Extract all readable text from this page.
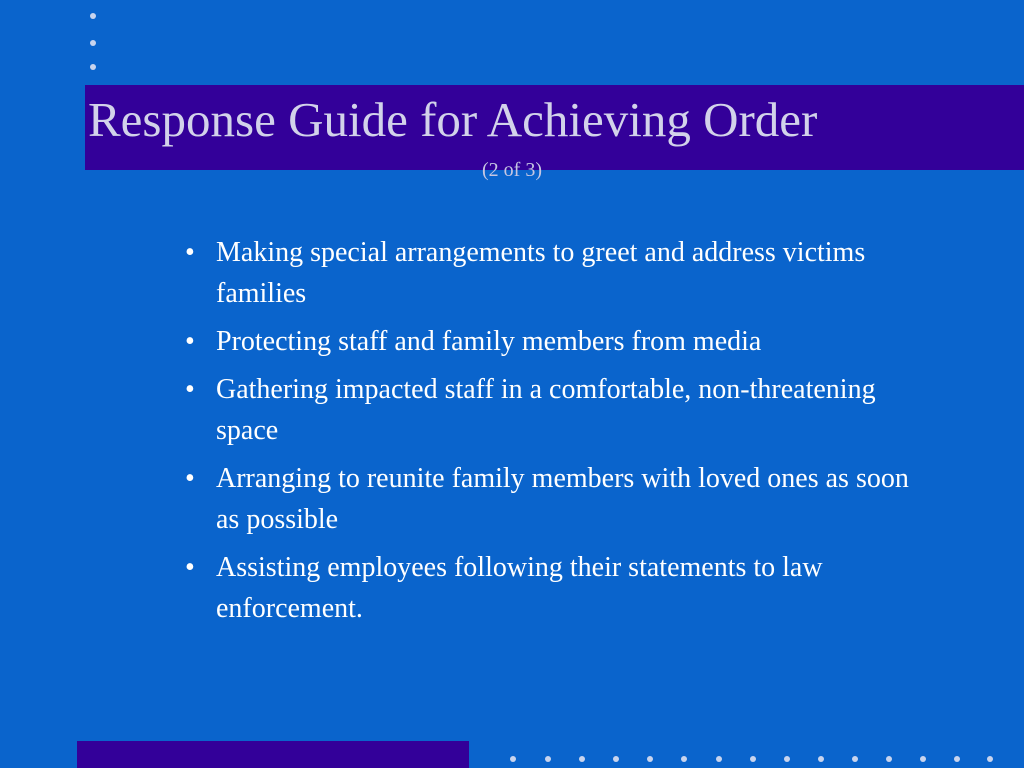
Response Guide for Achieving Order
(2 of 3)
• Making special arrangements to greet and address victims families
• Protecting staff and family members from media
• Gathering impacted staff in a comfortable, non-threatening space
• Arranging to reunite family members with loved ones as soon as possible
• Assisting employees following their statements to law enforcement.
